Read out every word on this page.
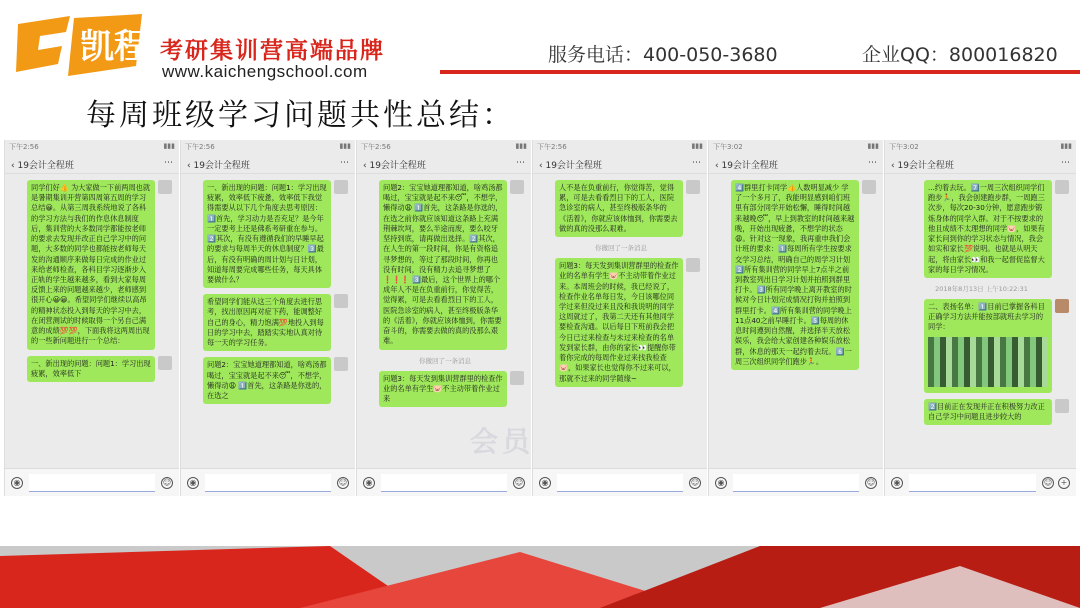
凯程 考研集训营高端品牌
www.kaichengschool.com
服务电话：400-050-3680	企业QQ：800016820
每周班级学习问题共性总结：
下午2:56	▮▮▮
‹ 19会计全程班	⋯
同学们好👍 为大家做一下前两周也就是暑期集训开营第四周第五周的学习总结😀。从第三周我系统地说了各科的学习方法与我们的作息休息制度后，集训营的大多数同学都能按老师的要求去发现并改正自己学习中的问题，大多数的同学也都能按老师每天发的沟通顺序来做每日完成的作业过来给老师检查，各科目学习逐渐步入正轨的学生越来越多，看到大家每周反馈上来的问题越来越少，老师感到很开心😀😀。希望同学们继续以高昂的精神状态投入到每天的学习中去，在闭营测试的时候取得一个另自己满意的成绩💯💯，下面我将这两周出现的一些新问题进行一个总结：
一、新出现的问题：问题1：学习出现疲累，效率低下
◉	☺
下午2:56	▮▮▮
‹ 19会计全程班	⋯
一、新出现的问题：问题1：学习出现疲累，效率低下疲惫，效率低下我觉得需要从以下几个角度去思考原因：1️⃣首先，学习动力是否充足？是今年一定要考上还是佛系考研重在参与。2️⃣其次，有没有遵循我们的早睡早起的要求与每周半天的休息制度？3️⃣最后，有没有明确的周计划与日计划，知道每周要完成哪些任务，每天具体要做什么？
希望同学们能从这三个角度去进行思考，找出原因再对症下药，能调整好自己的身心，精力饱满💯地投入到每日的学习中去，踏踏实实地认真对待每一天的学习任务。
问题2：宝宝她道理都知道，啥鸡汤都喝过，宝宝就是起不来😴，不想学，懒得动😩 1️⃣首先，这条路是你选的，在选之
◉	☺
下午2:56	▮▮▮
‹ 19会计全程班	⋯
问题2：宝宝她道理都知道，啥鸡汤都喝过，宝宝就是起不来😴，不想学，懒得动😩 1️⃣首先，这条路是你选的，在选之前你就应该知道这条路上充满荆棘坎坷，要么半途而废，要么咬牙坚持到底，请再做出选择。2️⃣其次，在人生的第一段时间，你是有资格追寻梦想的，等过了那段时间，你再也没有时间，没有精力去追寻梦想了❗❗❗ 3️⃣最后，这个世界上的哪个成年人不是在负重前行，你觉得苦，觉得累，可是去看看烈日下的工人，医院急诊室的病人，甚至终极版条华的《活着》，你就应该体恤到，你需要奋斗的，你需要去做的真的没那么艰难。
你撤回了一条消息
问题3：每天发到集训营群里的检查作业的名单有学生🐷不主动带着作业过来
◉	☺
下午2:56	▮▮▮
‹ 19会计全程班	⋯
人不是在负重前行，你觉得苦，觉得累，可是去看看烈日下的工人，医院急诊室的病人，甚至终极版条华的《活着》，你就应该体恤到，你需要去做的真的没那么艰难。
你撤回了一条消息
问题3：每天发到集训营群里的检查作业的名单有学生🐷不主动带着作业过来。本周班会的时候，我已经说了，检查作业名单每日发，今日该哪位同学过来但没过来且没和我说明的同学这周就过了，我第二天还有其他同学要检查沟通。以后每日下班前我会把今日已过来检查与未过来检查的名单发到家长群，由你的家长👀提醒你带着你完成的每周作业过来找我检查🐷，如果家长也觉得你不过来可以，那就不过来的同学随缘~
◉	☺
下午3:02	▮▮▮
‹ 19会计全程班	⋯
4️⃣群里打卡同学👍人数明显减少 学了一个多月了，我能明显感到咱们班里有部分同学开始松懈，睡得时间越来越晚😴，早上到教室的时间越来越晚，开始出现疲惫，不想学的状态😩。针对这一现象，我再重申我们会计班的要求：1️⃣每周所有学生按要求交学习总结，明确自己的周学习计划 2️⃣所有集训营的同学早上7点半之前到教室列出日学习计划并拍照到群里打卡。3️⃣所有同学晚上离开教室的时候对今日计划完成情况打钩并拍照到群里打卡。4️⃣所有集训营的同学晚上11点40之前早睡打卡。5️⃣每周的休息时间遵到自然醒，并选择半天放松娱乐，我会给大家创建各种娱乐放松群，休息的那天一起约着去玩。6️⃣一周三次组织同学们跑步🏃。
◉	☺
下午3:02	▮▮▮
‹ 19会计全程班	⋯
...约着去玩。7️⃣一周三次组织同学们跑步🏃，我会创建跑步群，一周跑三次步，每次20-30分钟，愿意跑步锻炼身体的同学入群。对于不按要求的他且成绩不太理想的同学🐷，如果有家长问到你的学习状态与情况，我会如实和家长💯说明。也就是从明天起，将由家长👀和我一起督促监督大家的每日学习情况。
2018年8月13日 上午10:22:31
二、表扬名单：1️⃣目前已掌握各科目正确学习方法并能按部就班去学习的同学：
2️⃣目前正在发现并正在积极努力改正自己学习中问题且进步较大的
◉	☺	+
会员
